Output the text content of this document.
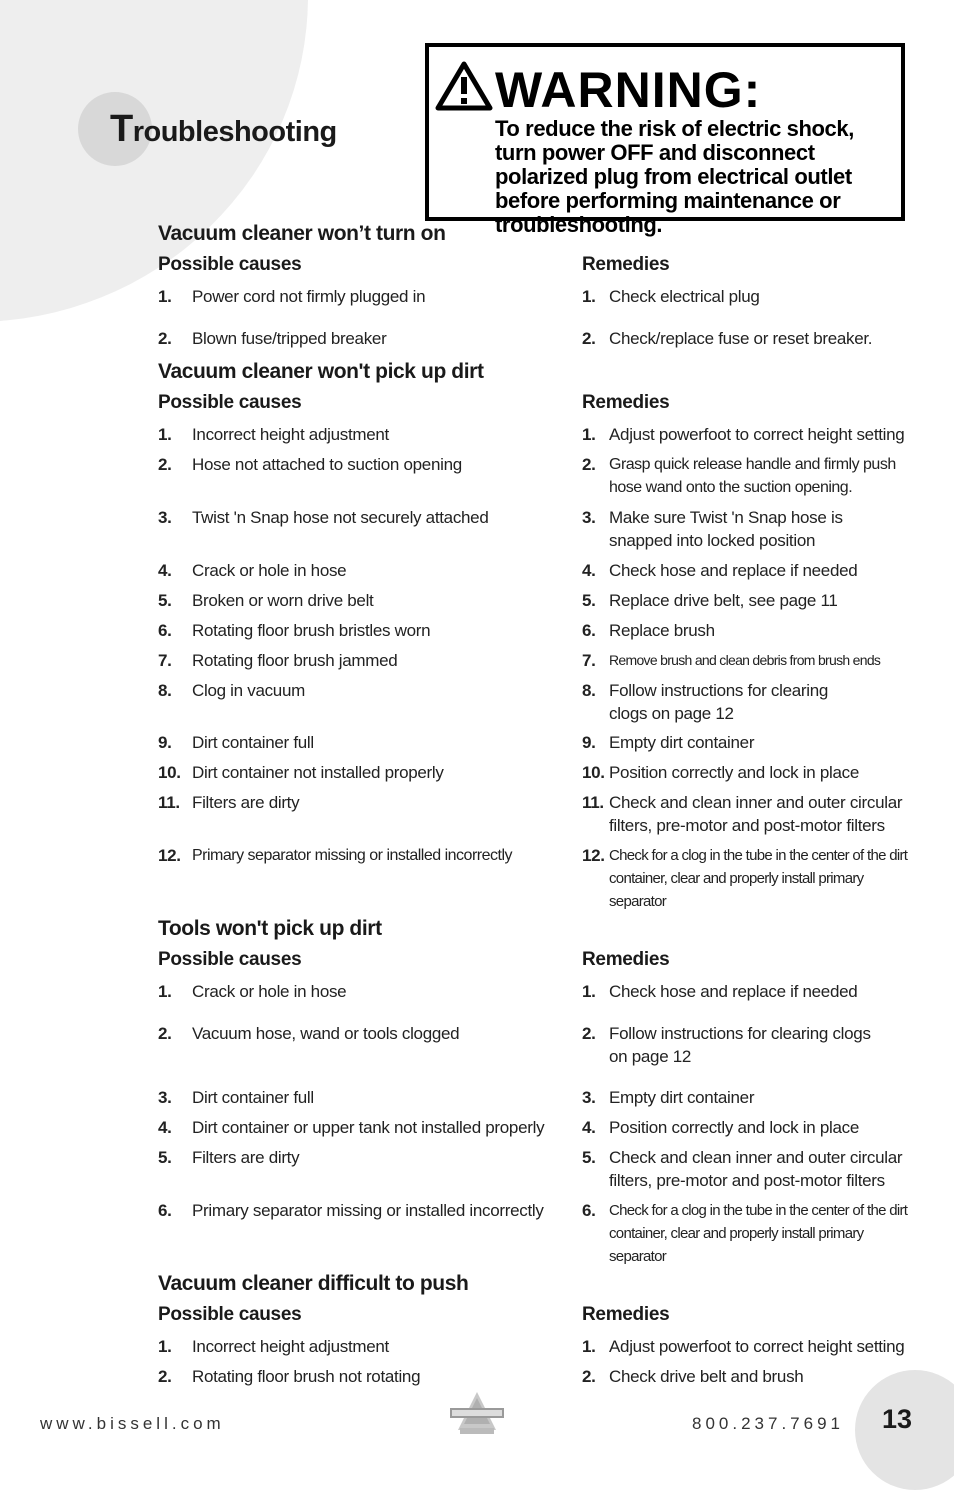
Troubleshooting
WARNING:
To reduce the risk of electric shock, turn power OFF and disconnect polarized plug from electrical outlet before performing maintenance or troubleshooting.
Vacuum cleaner won’t turn on
Possible causes	Remedies
1. Power cord not firmly plugged in	1. Check electrical plug
2. Blown fuse/tripped breaker	2. Check/replace fuse or reset breaker.
Vacuum cleaner won't pick up dirt
Possible causes	Remedies
1. Incorrect height adjustment	1. Adjust powerfoot to correct height setting
2. Hose not attached to suction opening	2. Grasp quick release handle and firmly push hose wand onto the suction opening.
3. Twist 'n Snap hose not securely attached	3. Make sure Twist 'n Snap hose is snapped into locked position
4. Crack or hole in hose	4. Check hose and replace if needed
5. Broken or worn drive belt	5. Replace drive belt, see page 11
6. Rotating floor brush bristles worn	6. Replace brush
7. Rotating floor brush jammed	7. Remove brush and clean debris from brush ends
8. Clog in vacuum	8. Follow instructions for clearing clogs on page 12
9. Dirt container full	9. Empty dirt container
10. Dirt container not installed properly	10. Position correctly and lock in place
11. Filters are dirty	11. Check and clean inner and outer circular filters, pre-motor and post-motor filters
12. Primary separator missing or installed incorrectly	12. Check for a clog in the tube in the center of the dirt container, clear and properly install primary separator
Tools won't pick up dirt
Possible causes	Remedies
1. Crack or hole in hose	1. Check hose and replace if needed
2. Vacuum hose, wand or tools clogged	2. Follow instructions for clearing clogs on page 12
3. Dirt container full	3. Empty dirt container
4. Dirt container or upper tank not installed properly	4. Position correctly and lock in place
5. Filters are dirty	5. Check and clean inner and outer circular filters, pre-motor and post-motor filters
6. Primary separator missing or installed incorrectly	6. Check for a clog in the tube in the center of the dirt container, clear and properly install primary separator
Vacuum cleaner difficult to push
Possible causes	Remedies
1. Incorrect height adjustment	1. Adjust powerfoot to correct height setting
2. Rotating floor brush not rotating	2. Check drive belt and brush
www.bissell.com	800.237.7691 13
